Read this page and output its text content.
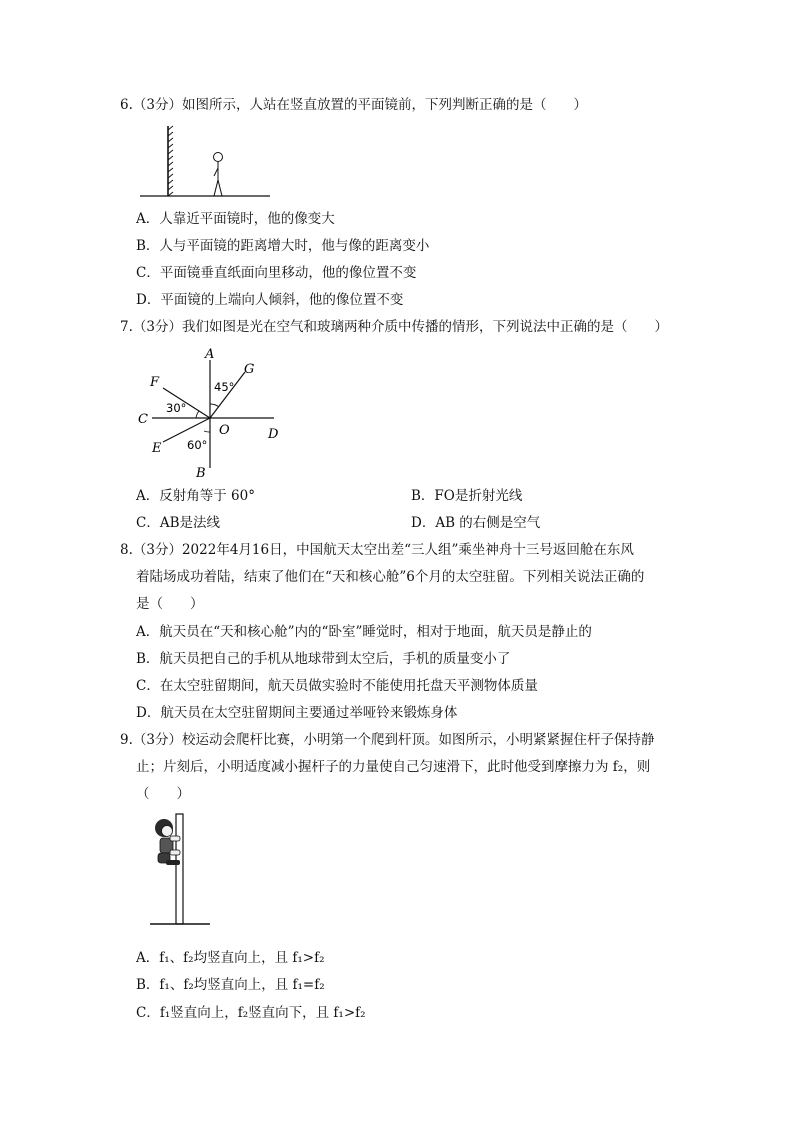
6.（3分）如图所示，人站在竖直放置的平面镜前，下列判断正确的是（　　）
A．人靠近平面镜时，他的像变大
B．人与平面镜的距离增大时，他与像的距离变小
C．平面镜垂直纸面向里移动，他的像位置不变
D．平面镜的上端向人倾斜，他的像位置不变
7.（3分）我们如图是光在空气和玻璃两种介质中传播的情形，下列说法中正确的是（　　）
A
G
F
C
O	D
E
B
45°
30°
60°
A．反射角等于 60°	B．FO是折射光线
C．AB是法线	D．AB 的右侧是空气
8.（3分）2022年4月16日，中国航天太空出差“三人组”乘坐神舟十三号返回舱在东风
着陆场成功着陆，结束了他们在“天和核心舱”6个月的太空驻留。下列相关说法正确的
是（　　）
A．航天员在“天和核心舱”内的“卧室”睡觉时，相对于地面，航天员是静止的
B．航天员把自己的手机从地球带到太空后，手机的质量变小了
C．在太空驻留期间，航天员做实验时不能使用托盘天平测物体质量
D．航天员在太空驻留期间主要通过举哑铃来锻炼身体
9.（3分）校运动会爬杆比赛，小明第一个爬到杆顶。如图所示，小明紧紧握住杆子保持静
止；片刻后，小明适度减小握杆子的力量使自己匀速滑下，此时他受到摩擦力为 f₂，则
（　　）
A．f₁、f₂均竖直向上，且 f₁>f₂
B．f₁、f₂均竖直向上，且 f₁=f₂
C．f₁竖直向上，f₂竖直向下，且 f₁>f₂
